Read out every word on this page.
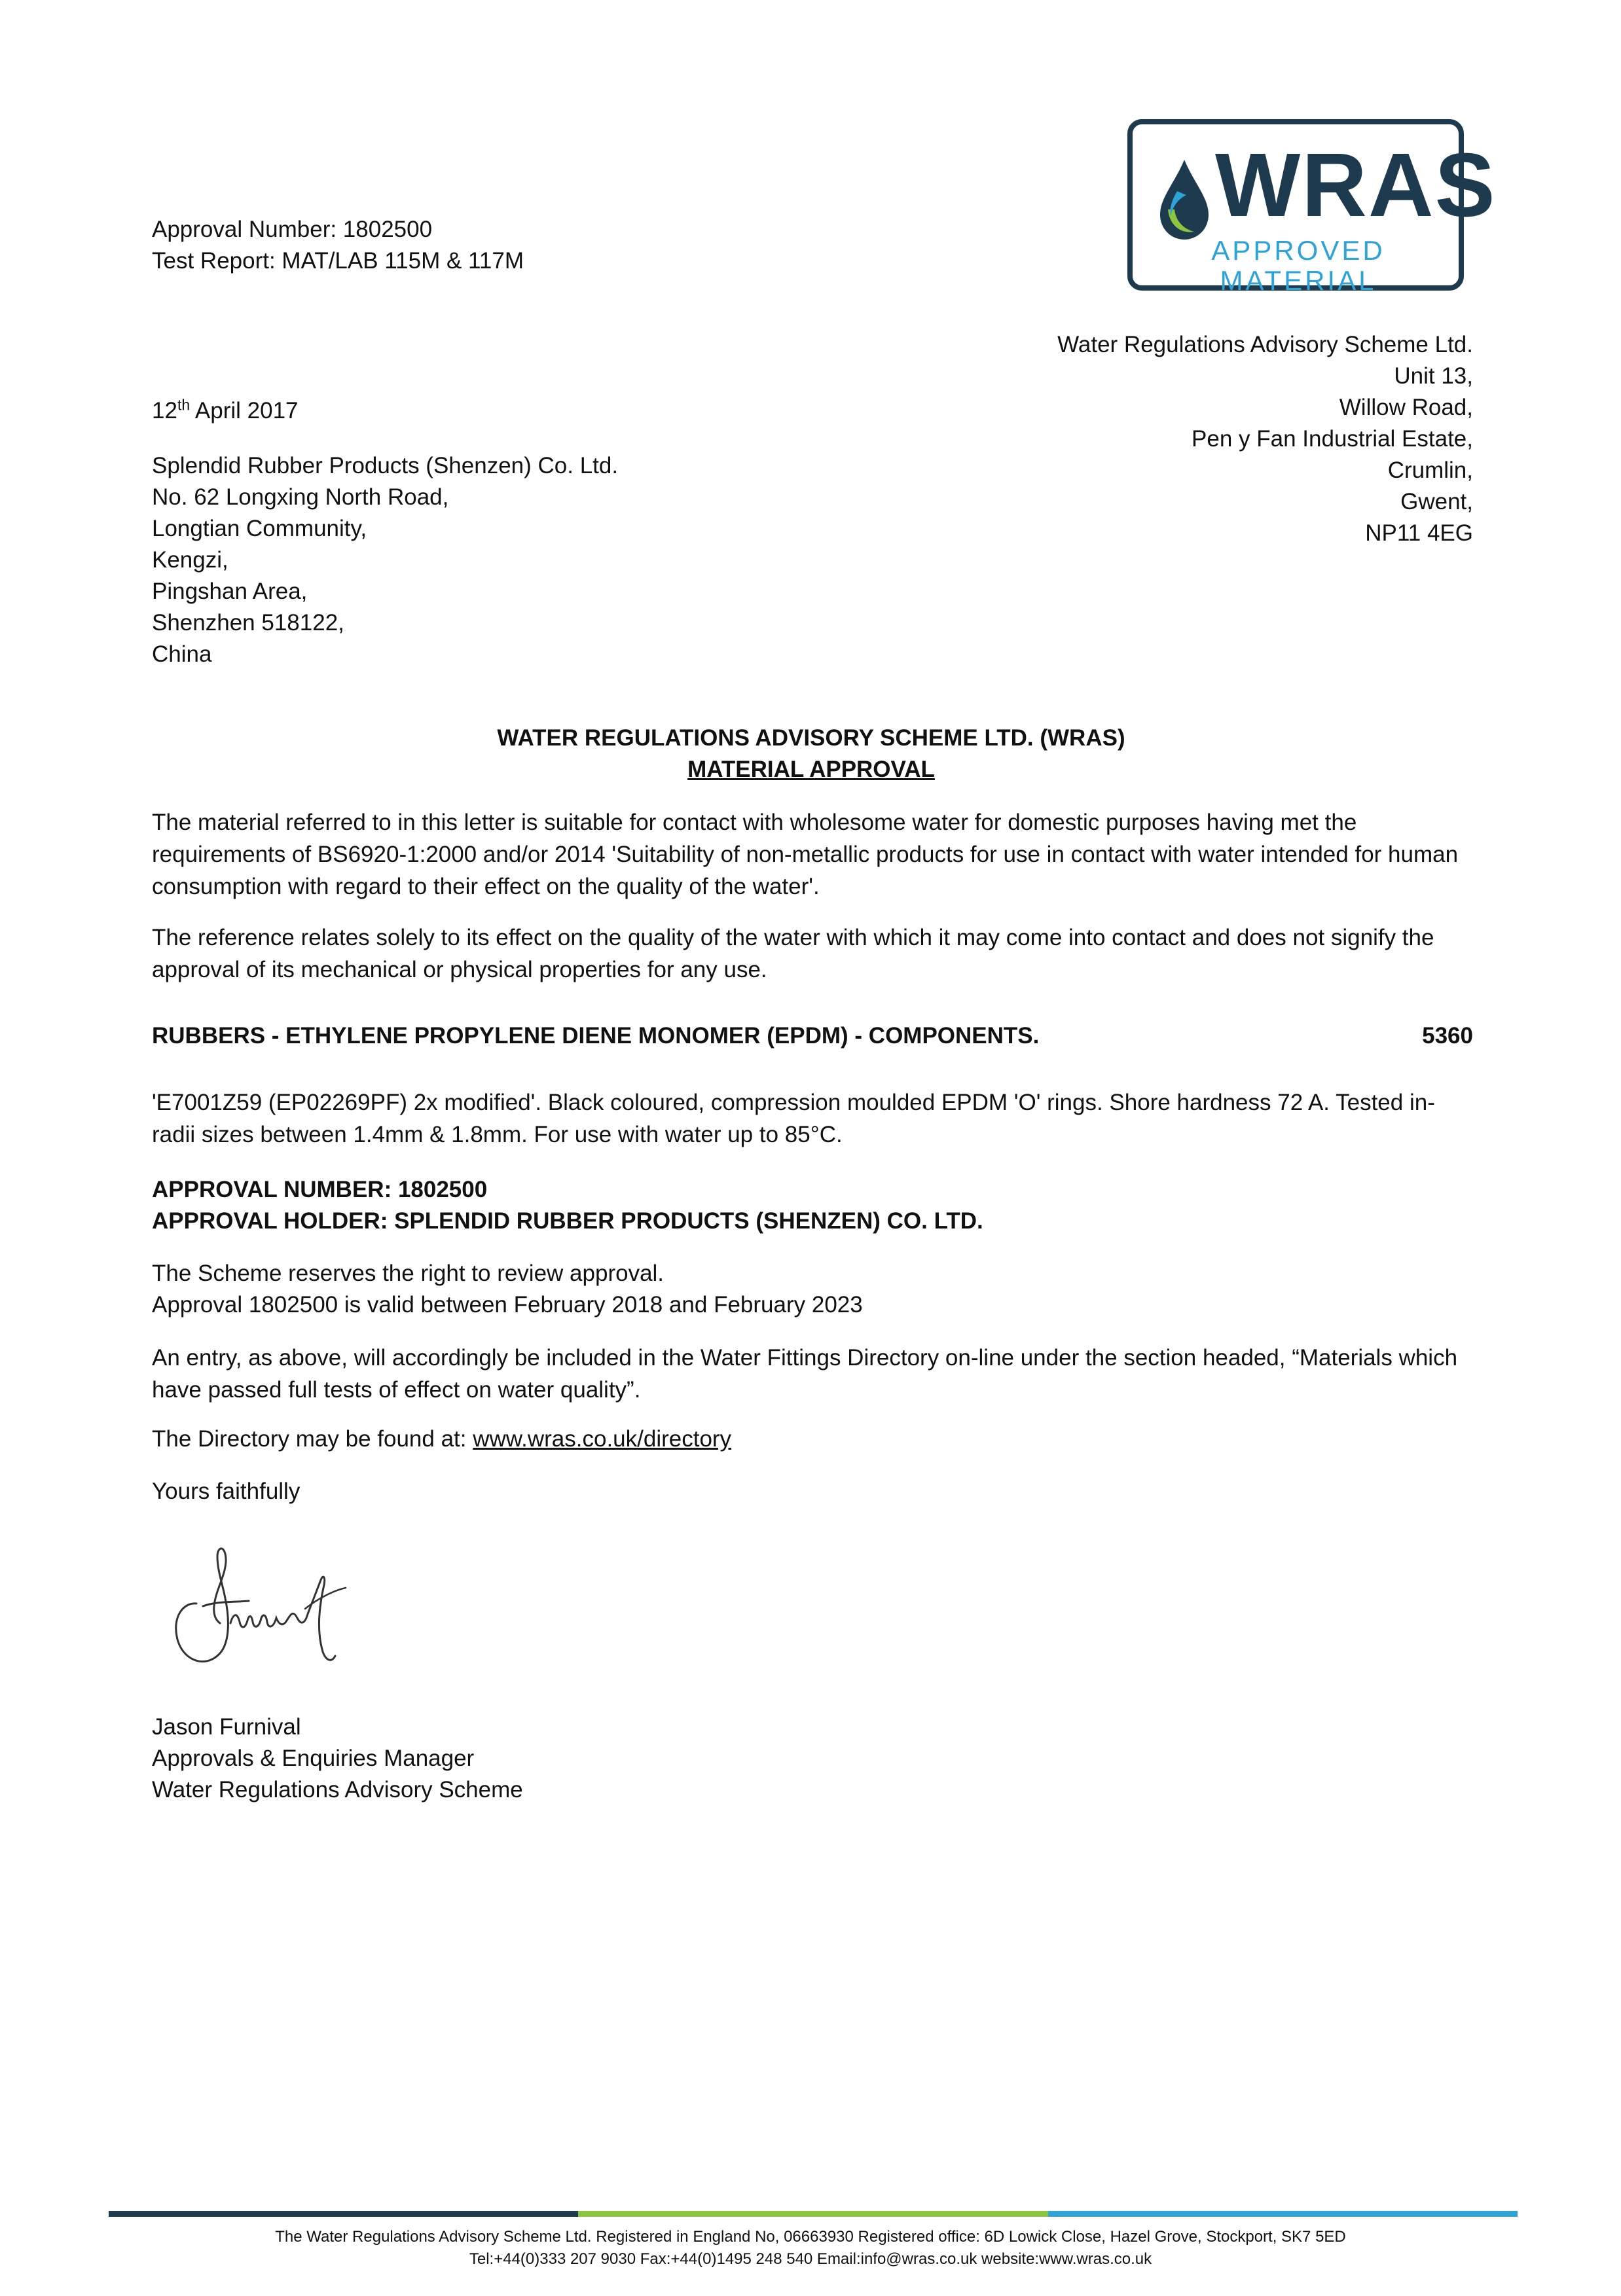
WRAS
APPROVED MATERIAL
Approval Number: 1802500
Test Report: MAT/LAB 115M & 117M
Water Regulations Advisory Scheme Ltd.
Unit 13,
Willow Road,
Pen y Fan Industrial Estate,
Crumlin,
Gwent,
NP11 4EG
12th April 2017
Splendid Rubber Products (Shenzen) Co. Ltd.
No. 62 Longxing North Road,
Longtian Community,
Kengzi,
Pingshan Area,
Shenzhen 518122,
China
WATER REGULATIONS ADVISORY SCHEME LTD. (WRAS)
MATERIAL APPROVAL
The material referred to in this letter is suitable for contact with wholesome water for domestic purposes having met the
requirements of BS6920-1:2000 and/or 2014 'Suitability of non-metallic products for use in contact with water intended for human
consumption with regard to their effect on the quality of the water'.
The reference relates solely to its effect on the quality of the water with which it may come into contact and does not signify the
approval of its mechanical or physical properties for any use.
RUBBERS - ETHYLENE PROPYLENE DIENE MONOMER (EPDM) - COMPONENTS.	5360
'E7001Z59 (EP02269PF) 2x modified'. Black coloured, compression moulded EPDM 'O' rings. Shore hardness 72 A. Tested in-
radii sizes between 1.4mm & 1.8mm. For use with water up to 85°C.
APPROVAL NUMBER: 1802500
APPROVAL HOLDER: SPLENDID RUBBER PRODUCTS (SHENZEN) CO. LTD.
The Scheme reserves the right to review approval.
Approval 1802500 is valid between February 2018 and February 2023
An entry, as above, will accordingly be included in the Water Fittings Directory on-line under the section headed, “Materials which
have passed full tests of effect on water quality”.
The Directory may be found at: www.wras.co.uk/directory
Yours faithfully
Jason Furnival
Approvals & Enquiries Manager
Water Regulations Advisory Scheme
The Water Regulations Advisory Scheme Ltd. Registered in England No, 06663930 Registered office: 6D Lowick Close, Hazel Grove, Stockport, SK7 5ED
Tel:+44(0)333 207 9030 Fax:+44(0)1495 248 540 Email:info@wras.co.uk website:www.wras.co.uk
